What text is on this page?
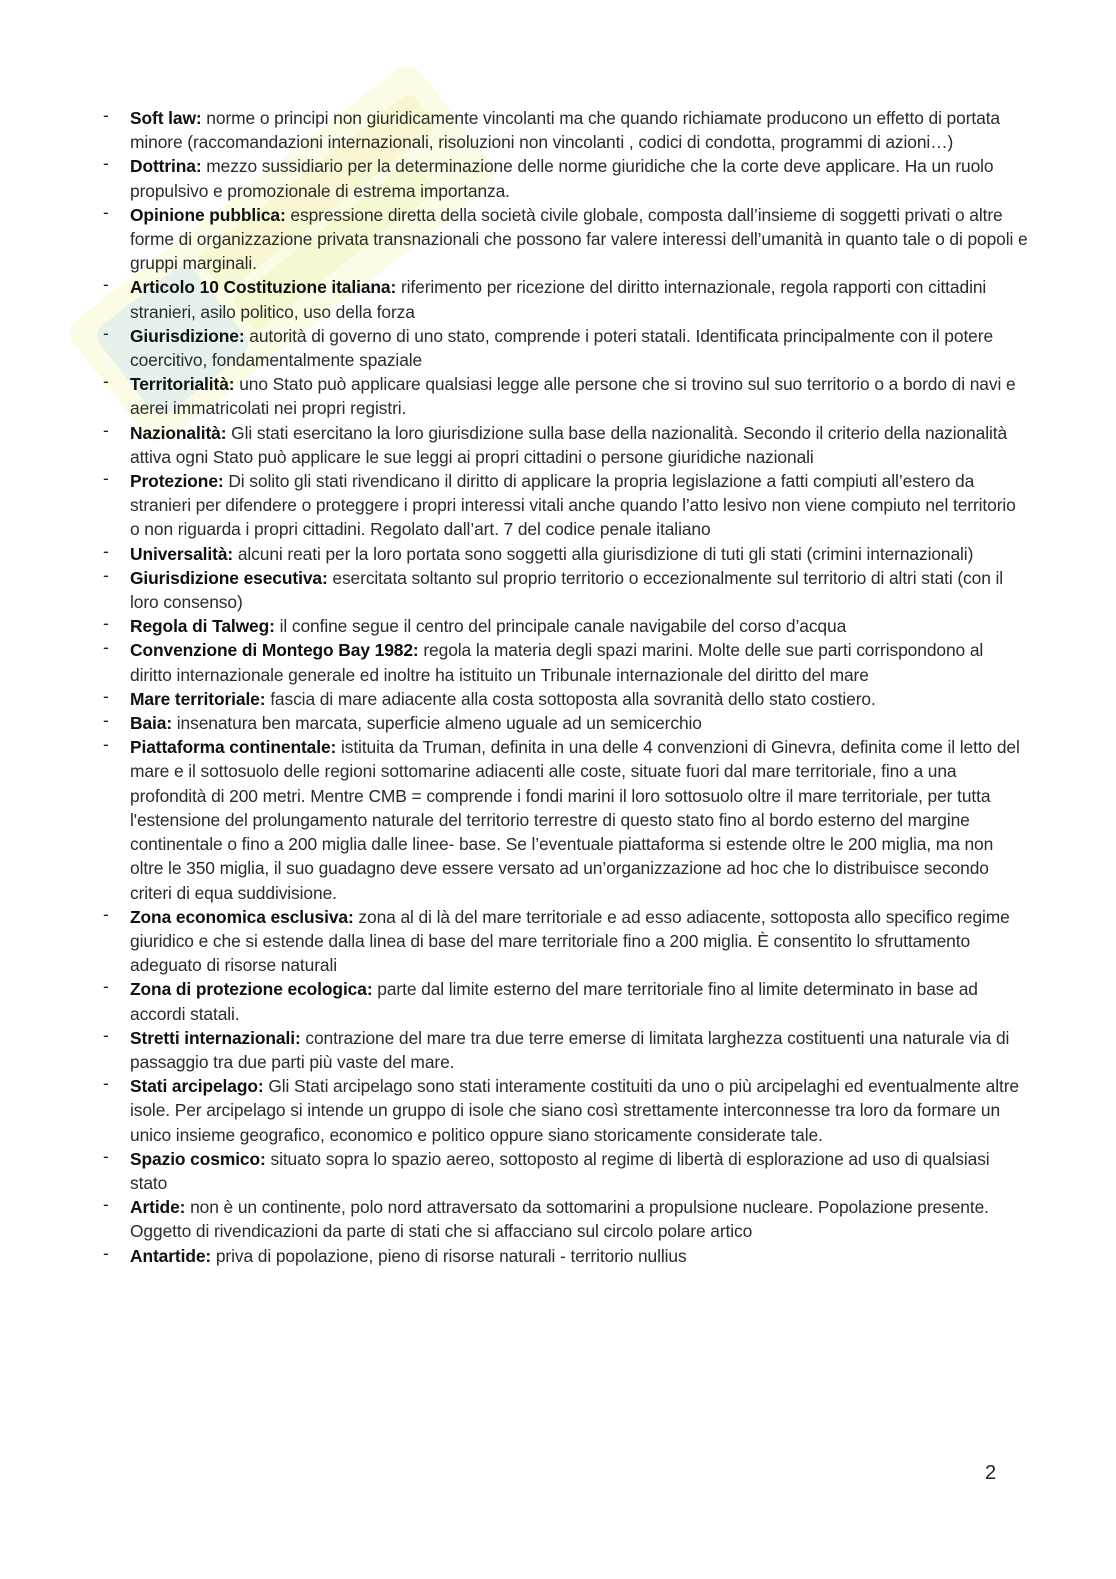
-	Soft law: norme o principi non giuridicamente vincolanti ma che quando richiamate producono un effetto di portata minore (raccomandazioni internazionali, risoluzioni non vincolanti , codici di condotta, programmi di azioni…)
-	Dottrina: mezzo sussidiario per la determinazione delle norme giuridiche che la corte deve applicare. Ha un ruolo propulsivo e promozionale di estrema importanza.
-	Opinione pubblica: espressione diretta della società civile globale, composta dall’insieme di soggetti privati o altre forme di organizzazione privata transnazionali che possono far valere interessi dell’umanità in quanto tale o di popoli e gruppi marginali.
-	Articolo 10 Costituzione italiana: riferimento per ricezione del diritto internazionale, regola rapporti con cittadini stranieri, asilo politico, uso della forza
-	Giurisdizione: autorità di governo di uno stato, comprende i poteri statali. Identificata principalmente con il potere coercitivo, fondamentalmente spaziale
-	Territorialità: uno Stato può applicare qualsiasi legge alle persone che si trovino sul suo territorio o a bordo di navi e aerei immatricolati nei propri registri.
-	Nazionalità: Gli stati esercitano la loro giurisdizione sulla base della nazionalità. Secondo il criterio della nazionalità attiva ogni Stato può applicare le sue leggi ai propri cittadini o persone giuridiche nazionali
-	Protezione: Di solito gli stati rivendicano il diritto di applicare la propria legislazione a fatti compiuti all’estero da stranieri per difendere o proteggere i propri interessi vitali anche quando l’atto lesivo non viene compiuto nel territorio o non riguarda i propri cittadini. Regolato dall’art. 7 del codice penale italiano
-	Universalità: alcuni reati per la loro portata sono soggetti alla giurisdizione di tuti gli stati (crimini internazionali)
-	Giurisdizione esecutiva: esercitata soltanto sul proprio territorio o eccezionalmente sul territorio di altri stati (con il loro consenso)
-	Regola di Talweg: il confine segue il centro del principale canale navigabile del corso d’acqua
-	Convenzione di Montego Bay 1982: regola la materia degli spazi marini. Molte delle sue parti corrispondono al diritto internazionale generale ed inoltre ha istituito un Tribunale internazionale del diritto del mare
-	Mare territoriale: fascia di mare adiacente alla costa sottoposta alla sovranità dello stato costiero.
-	Baia: insenatura ben marcata, superficie almeno uguale ad un semicerchio
-	Piattaforma continentale: istituita da Truman, definita in una delle 4 convenzioni di Ginevra, definita come il letto del mare e il sottosuolo delle regioni sottomarine adiacenti alle coste, situate fuori dal mare territoriale, fino a una profondità di 200 metri. Mentre CMB = comprende i fondi marini il loro sottosuolo oltre il mare territoriale, per tutta l'estensione del prolungamento naturale del territorio terrestre di questo stato fino al bordo esterno del margine continentale o fino a 200 miglia dalle linee- base. Se l’eventuale piattaforma si estende oltre le 200 miglia, ma non oltre le 350 miglia, il suo guadagno deve essere versato ad un’organizzazione ad hoc che lo distribuisce secondo criteri di equa suddivisione.
-	Zona economica esclusiva: zona al di là del mare territoriale e ad esso adiacente, sottoposta allo specifico regime giuridico e che si estende dalla linea di base del mare territoriale fino a 200 miglia. È consentito lo sfruttamento adeguato di risorse naturali
-	Zona di protezione ecologica: parte dal limite esterno del mare territoriale fino al limite determinato in base ad accordi statali.
-	Stretti internazionali: contrazione del mare tra due terre emerse di limitata larghezza costituenti una naturale via di passaggio tra due parti più vaste del mare.
-	Stati arcipelago: Gli Stati arcipelago sono stati interamente costituiti da uno o più arcipelaghi ed eventualmente altre isole. Per arcipelago si intende un gruppo di isole che siano così strettamente interconnesse tra loro da formare un unico insieme geografico, economico e politico oppure siano storicamente considerate tale.
-	Spazio cosmico: situato sopra lo spazio aereo, sottoposto al regime di libertà di esplorazione ad uso di qualsiasi stato
-	Artide: non è un continente, polo nord attraversato da sottomarini a propulsione nucleare. Popolazione presente. Oggetto di rivendicazioni da parte di stati che si affacciano sul circolo polare artico
-	Antartide: priva di popolazione, pieno di risorse naturali - territorio nullius
2
